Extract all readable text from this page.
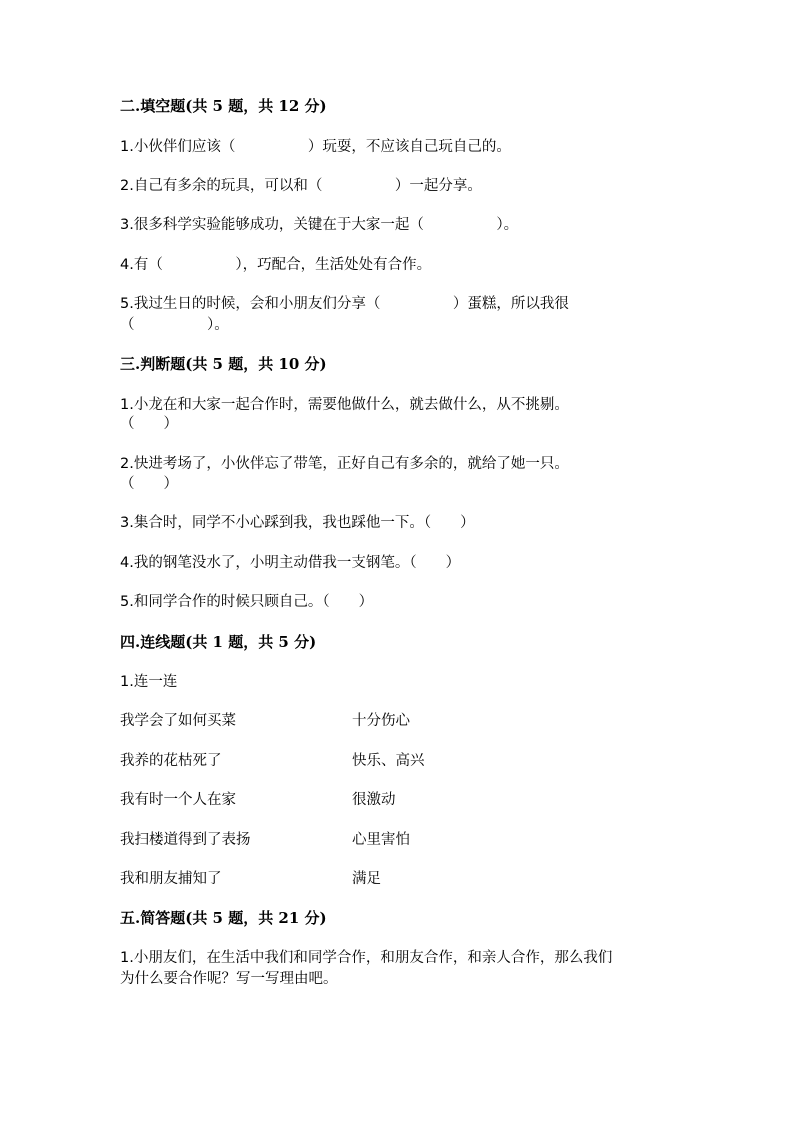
二.填空题(共 5 题，共 12 分)
1.小伙伴们应该（　　　　　）玩耍，不应该自己玩自己的。
2.自己有多余的玩具，可以和（　　　　　）一起分享。
3.很多科学实验能够成功，关键在于大家一起（　　　　　）。
4.有（　　　　　），巧配合，生活处处有合作。
5.我过生日的时候，会和小朋友们分享（　　　　　）蛋糕，所以我很
（　　　　　）。
三.判断题(共 5 题，共 10 分)
1.小龙在和大家一起合作时，需要他做什么，就去做什么，从不挑剔。
（　　）
2.快进考场了，小伙伴忘了带笔，正好自己有多余的，就给了她一只。
（　　）
3.集合时，同学不小心踩到我，我也踩他一下。（　　）
4.我的钢笔没水了，小明主动借我一支钢笔。（　　）
5.和同学合作的时候只顾自己。（　　）
四.连线题(共 1 题，共 5 分)
1.连一连
我学会了如何买菜	十分伤心
我养的花枯死了	快乐、高兴
我有时一个人在家	很激动
我扫楼道得到了表扬	心里害怕
我和朋友捕知了	满足
五.简答题(共 5 题，共 21 分)
1.小朋友们，在生活中我们和同学合作，和朋友合作，和亲人合作，那么我们
为什么要合作呢？写一写理由吧。
